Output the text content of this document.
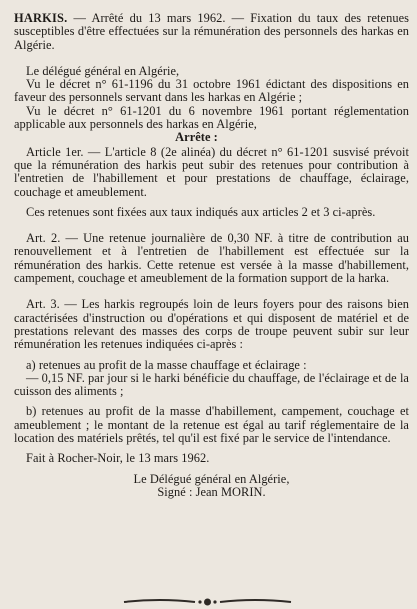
HARKIS. — Arrêté du 13 mars 1962. — Fixation du taux des retenues susceptibles d'être effectuées sur la rémunération des personnels des harkas en Algérie.

Le délégué général en Algérie,

Vu le décret n° 61-1196 du 31 octobre 1961 édictant des dispositions en faveur des personnels servant dans les harkas en Algérie ;

Vu le décret n° 61-1201 du 6 novembre 1961 portant réglementation applicable aux personnels des harkas en Algérie,

Arrête :

Article 1er. — L'article 8 (2e alinéa) du décret n° 61-1201 susvisé prévoit que la rémunération des harkis peut subir des retenues pour contribution à l'entretien de l'habillement et pour prestations de chauffage, éclairage, couchage et ameublement.

Ces retenues sont fixées aux taux indiqués aux articles 2 et 3 ci-après.

Art. 2. — Une retenue journalière de 0,30 NF. à titre de contribution au renouvellement et à l'entretien de l'habillement est effectuée sur la rémunération des harkis. Cette retenue est versée à la masse d'habillement, campement, couchage et ameublement de la formation support de la harka.

Art. 3. — Les harkis regroupés loin de leurs foyers pour des raisons bien caractérisées d'instruction ou d'opérations et qui disposent de matériel et de prestations relevant des masses des corps de troupe peuvent subir sur leur rémunération les retenues indiquées ci-après :

a) retenues au profit de la masse chauffage et éclairage :

— 0,15 NF. par jour si le harki bénéficie du chauffage, de l'éclairage et de la cuisson des aliments ;

b) retenues au profit de la masse d'habillement, campement, couchage et ameublement ; le montant de la retenue est égal au tarif réglementaire de la location des matériels prêtés, tel qu'il est fixé par le service de l'intendance.

Fait à Rocher-Noir, le 13 mars 1962.

Le Délégué général en Algérie,
Signé : Jean MORIN.
